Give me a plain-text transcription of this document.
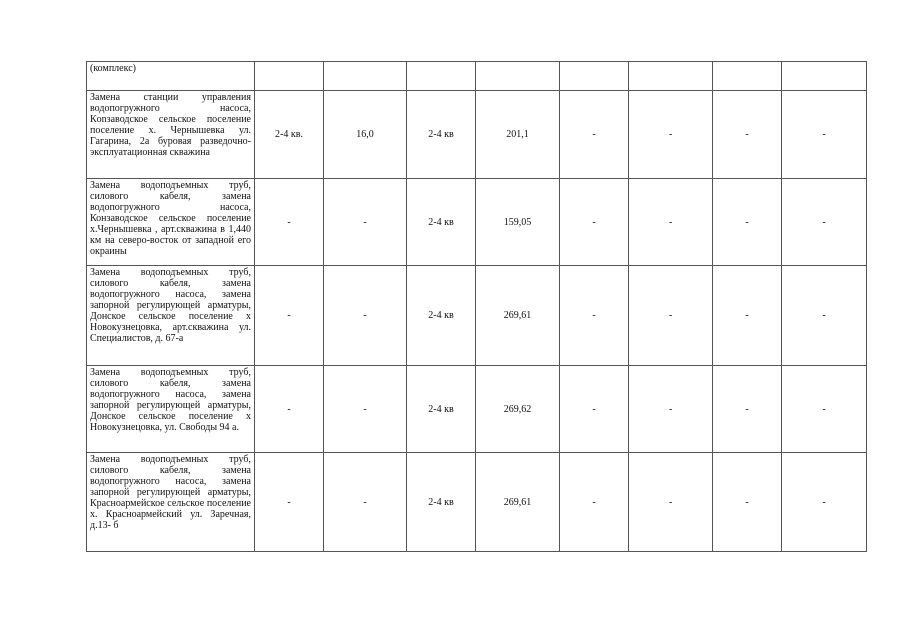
(комплекс)								
Замена станции управления водопогружного насоса, Кonзаводское сельское поселение поселение х. Чернышевка ул. Гагарина, 2а буровая разведочно-эксплуатационная скважина	2-4 кв.	16,0	2-4 кв	201,1	-	-	-	-
Замена водоподъемных труб, силового кабеля, замена водопогружного насоса, Конзаводское сельское поселение х.Чернышевка , арт.скважина в 1,440 км на северо-восток от западной его окраины	-	-	2-4 кв	159,05	-	-	-	-
Замена водоподъемных труб, силового кабеля, замена водопогружного насоса, замена запорной регулирующей арматуры, Донское сельское поселение х Новокузнецовка, арт.скважина ул. Специалистов, д. 67-а	-	-	2-4 кв	269,61	-	-	-	-
Замена водоподъемных труб, силового кабеля, замена водопогружного насоса, замена запорной регулирующей арматуры, Донское сельское поселение х Новокузнецовка, ул. Свободы 94 а.	-	-	2-4 кв	269,62	-	-	-	-
Замена водоподъемных труб, силового кабеля, замена водопогружного насоса, замена запорной регулирующей арматуры, Красноармейское сельское поселение х. Красноармейский ул. Заречная, д.13- б	-	-	2-4 кв	269,61	-	-	-	-
